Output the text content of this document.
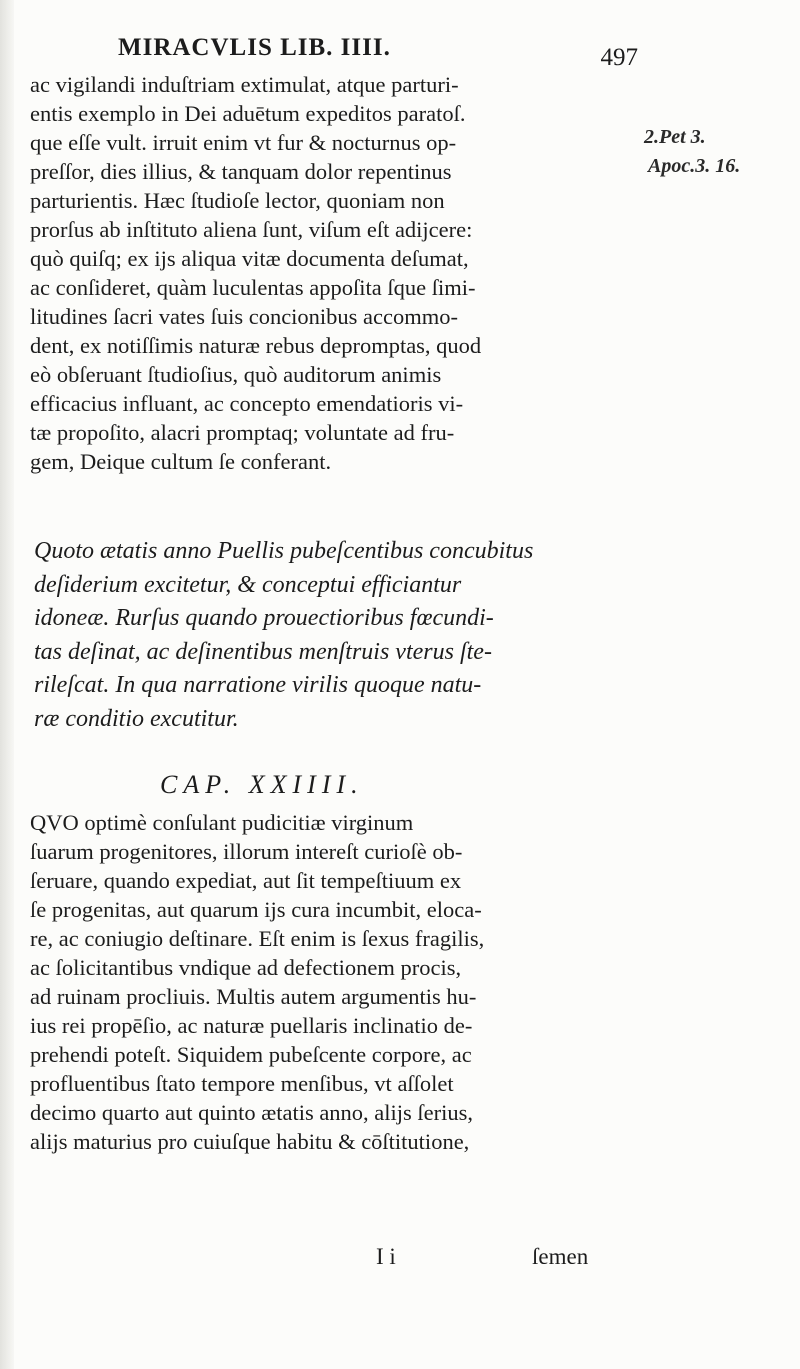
MIRACVLIS LIB. IIII.	497
ac vigilandi induſtriam extimulat, atque parturi-
entis exemplo in Dei aduētum expeditos paratoſ.
que eſſe vult. irruit enim vt fur & nocturnus op-
preſſor, dies illius, & tanquam dolor repentinus
parturientis. Hæc ſtudioſe lector, quoniam non
prorſus ab inſtituto aliena ſunt, viſum eſt adijcere:
quò quiſq; ex ijs aliqua vitæ documenta deſumat,
ac conſideret, quàm luculentas appoſita ſque ſimi-
litudines ſacri vates ſuis concionibus accommo-
dent, ex notiſſimis naturæ rebus depromptas, quod
eò obſeruant ſtudioſius, quò auditorum animis
efficacius influant, ac concepto emendatioris vi-
tæ propoſito, alacri promptaq; voluntate ad fru-
gem, Deique cultum ſe conferant.
2.Pet 3.
Apoc.3. 16.
Quoto ætatis anno Puellis pubeſcentibus concubitus
deſiderium excitetur, & conceptui efficiantur
idoneæ. Rurſus quando prouectioribus fœcundi-
tas deſinat, ac deſinentibus menſtruis vterus ſte-
rileſcat. In qua narratione virilis quoque natu-
ræ conditio excutitur.
CAP. XXIIII.
QVO optimè conſulant pudicitiæ virginum
ſuarum progenitores, illorum intereſt curioſè ob-
ſeruare, quando expediat, aut ſit tempeſtiuum ex
ſe progenitas, aut quarum ijs cura incumbit, eloca-
re, ac coniugio deſtinare. Eſt enim is ſexus fragilis,
ac ſolicitantibus vndique ad defectionem procis,
ad ruinam procliuis. Multis autem argumentis hu-
ius rei propēſio, ac naturæ puellaris inclinatio de-
prehendi poteſt. Siquidem pubeſcente corpore, ac
profluentibus ſtato tempore menſibus, vt aſſolet
decimo quarto aut quinto ætatis anno, alijs ſerius,
alijs maturius pro cuiuſque habitu & cōſtitutione,
I i	ſemen
